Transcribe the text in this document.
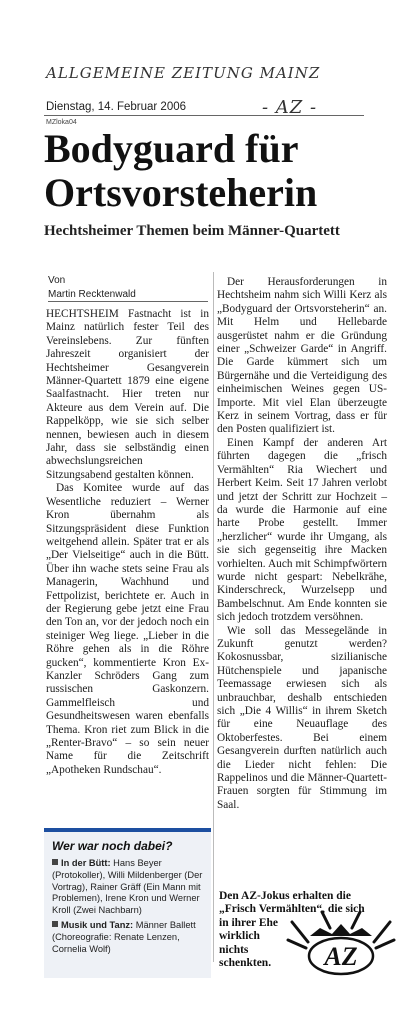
ALLGEMEINE ZEITUNG MAINZ
Dienstag, 14. Februar 2006	- AZ -
MZloka04
Bodyguard für
Ortsvorsteherin
Hechtsheimer Themen beim Männer-Quartett
Von
Martin Recktenwald

HECHTSHEIM Fastnacht ist in Mainz natürlich fester Teil des Vereinslebens. Zur fünften Jahreszeit organisiert der Hechtsheimer Gesangverein Männer-Quartett 1879 eine eigene Saalfastnacht. Hier treten nur Akteure aus dem Verein auf. Die Rappelköpp, wie sie sich selber nennen, bewiesen auch in diesem Jahr, dass sie selbständig einen abwechslungsreichen Sitzungsabend gestalten können.

Das Komitee wurde auf das Wesentliche reduziert – Werner Kron übernahm als Sitzungspräsident diese Funktion weitgehend allein. Später trat er als „Der Vielseitige“ auch in die Bütt. Über ihn wache stets seine Frau als Managerin, Wachhund und Fettpolizist, berichtete er. Auch in der Regierung gebe jetzt eine Frau den Ton an, vor der jedoch noch ein steiniger Weg liege. „Lieber in die Röhre gehen als in die Röhre gucken“, kommentierte Kron Ex-Kanzler Schröders Gang zum russischen Gaskonzern. Gammelfleisch und Gesundheitswesen waren ebenfalls Thema. Kron riet zum Blick in die „Renter-Bravo“ – so sein neuer Name für die Zeitschrift „Apotheken Rundschau“.

Der Herausforderungen in Hechtsheim nahm sich Willi Kerz als „Bodyguard der Ortsvorsteherin“ an. Mit Helm und Hellebarde ausgerüstet nahm er die Gründung einer „Schweizer Garde“ in Angriff. Die Garde kümmert sich um Bürgernähe und die Verteidigung des einheimischen Weines gegen US-Importe. Mit viel Elan überzeugte Kerz in seinem Vortrag, dass er für den Posten qualifiziert ist.

Einen Kampf der anderen Art führten dagegen die „frisch Vermählten“ Ria Wiechert und Herbert Keim. Seit 17 Jahren verlobt und jetzt der Schritt zur Hochzeit – da wurde die Harmonie auf eine harte Probe gestellt. Immer „herzlicher“ wurde ihr Umgang, als sie sich gegenseitig ihre Macken vorhielten. Auch mit Schimpfwörtern wurde nicht gespart: Nebelkrähe, Kinderschreck, Wurzelsepp und Bambelschnut. Am Ende konnten sie sich jedoch trotzdem versöhnen.

Wie soll das Messegelände in Zukunft genutzt werden? Kokosnussbar, sizilianische Hütchenspiele und japanische Teemassage erwiesen sich als unbrauchbar, deshalb entschieden sich „Die 4 Willis“ in ihrem Sketch für eine Neuauflage des Oktoberfestes. Bei einem Gesangverein durften natürlich auch die Lieder nicht fehlen: Die Rappelinos und die Männer-Quartett-Frauen sorgten für Stimmung im Saal.

Wer war noch dabei?
In der Bütt: Hans Beyer (Protokoller), Willi Mildenberger (Der Vortrag), Rainer Gräff (Ein Mann mit Problemen), Irene Kron und Werner Kroll (Zwei Nachbarn)
Musik und Tanz: Männer Ballett (Choreografie: Renate Lenzen, Cornelia Wolf)
Den AZ-Jokus erhalten die „Frisch Vermählten“, die sich
in ihrer Ehe wirklich nichts schenkten.	AZ
